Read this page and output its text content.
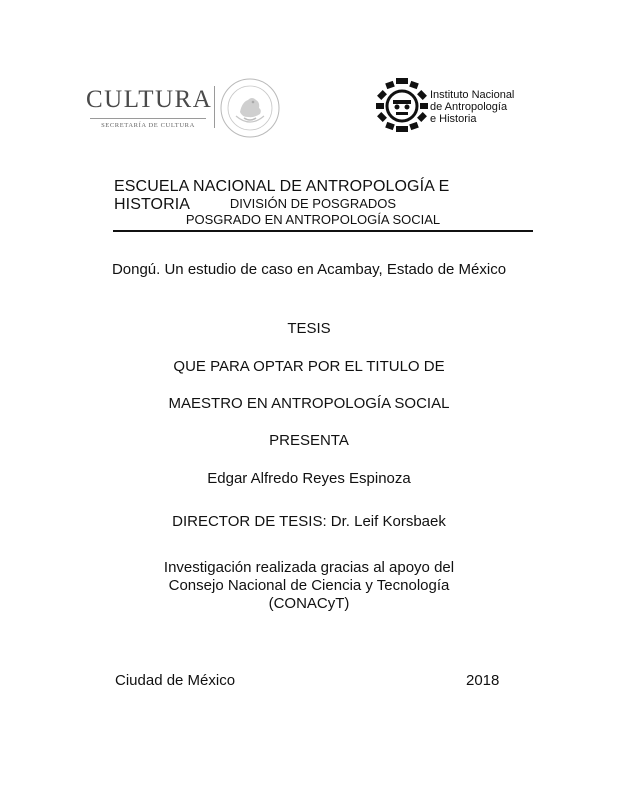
CULTURA
SECRETARÍA DE CULTURA
Instituto Nacional
de Antropología
e Historia
ESCUELA NACIONAL DE ANTROPOLOGÍA E HISTORIA	DIVISIÓN DE POSGRADOS
POSGRADO EN ANTROPOLOGÍA SOCIAL
Dongú. Un estudio de caso en Acambay, Estado de México
TESIS
QUE PARA OPTAR POR EL TITULO DE
MAESTRO EN ANTROPOLOGÍA SOCIAL
PRESENTA
Edgar Alfredo Reyes Espinoza
DIRECTOR DE TESIS: Dr. Leif Korsbaek
Investigación realizada gracias al apoyo del
Consejo Nacional de Ciencia y Tecnología
(CONACyT)
Ciudad de México	2018
